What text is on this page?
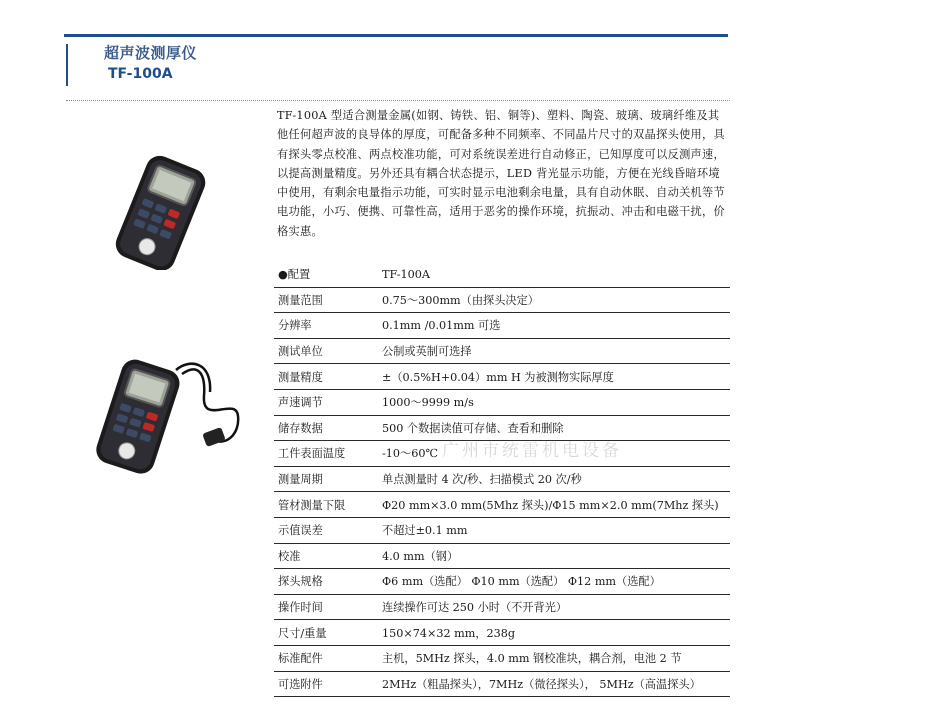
超声波测厚仪
TF-100A
TF-100A 型适合测量金属(如钢、铸铁、铝、铜等)、塑料、陶瓷、玻璃、玻璃纤维及其他任何超声波的良导体的厚度，可配备多种不同频率、不同晶片尺寸的双晶探头使用，具有探头零点校准、两点校准功能，可对系统误差进行自动修正，已知厚度可以反测声速，以提高测量精度。另外还具有耦合状态提示，LED 背光显示功能，方便在光线昏暗环境中使用，有剩余电量指示功能，可实时显示电池剩余电量，具有自动休眠、自动关机等节电功能，小巧、便携、可靠性高，适用于恶劣的操作环境，抗振动、冲击和电磁干扰，价格实惠。
●配置	TF-100A
测量范围	0.75～300mm（由探头决定）
分辨率	0.1mm /0.01mm 可选
测试单位	公制或英制可选择
测量精度	±（0.5%H+0.04）mm H 为被测物实际厚度
声速调节	1000～9999 m/s
储存数据	500 个数据读值可存储、查看和删除
工件表面温度	-10～60℃
测量周期	单点测量时 4 次/秒、扫描模式 20 次/秒
管材测量下限	Φ20 mm×3.0 mm(5Mhz 探头)/Φ15 mm×2.0 mm(7Mhz 探头)
示值误差	不超过±0.1 mm
校准	4.0 mm（钢）
探头规格	Φ6 mm（选配） Φ10 mm（选配） Φ12 mm（选配）
操作时间	连续操作可达 250 小时（不开背光）
尺寸/重量	150×74×32 mm，238g
标准配件	主机，5MHz 探头，4.0 mm 钢校准块，耦合剂，电池 2 节
可选附件	2MHz（粗晶探头），7MHz（微径探头）， 5MHz（高温探头）
广州市统雷机电设备
